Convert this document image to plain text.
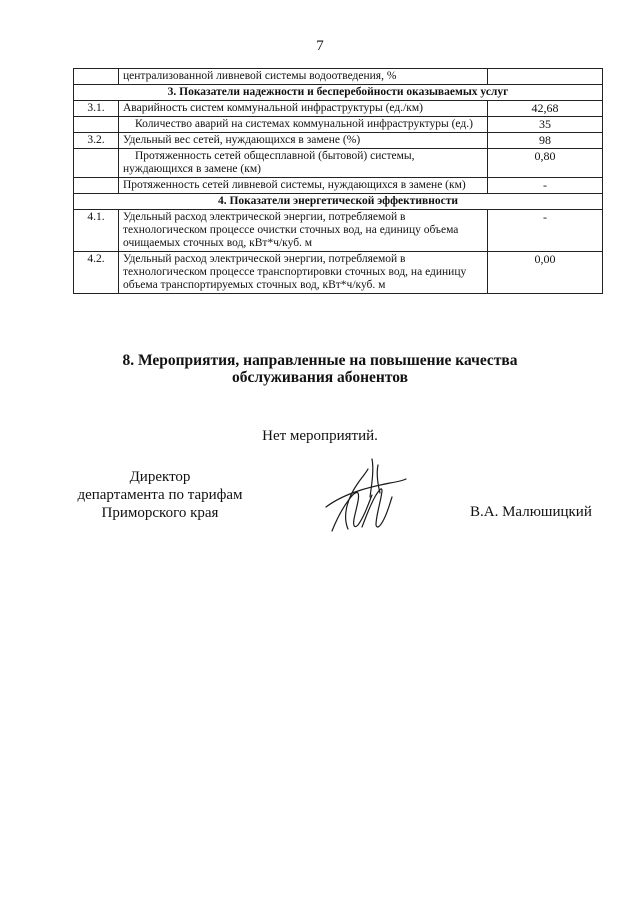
7
	централизованной ливневой системы водоотведения, %	
3. Показатели надежности и бесперебойности оказываемых услуг		
3.1.	Аварийность систем коммунальной инфраструктуры (ед./км)	42,68
	Количество аварий на системах коммунальной инфраструктуры (ед.)	35
3.2.	Удельный вес сетей, нуждающихся в замене (%)	98
	Протяженность сетей общесплавной (бытовой) системы, нуждающихся в замене (км)	0,80
	Протяженность сетей ливневой системы, нуждающихся в замене (км)	-
4. Показатели энергетической эффективности		
4.1.	Удельный расход электрической энергии, потребляемой в технологическом процессе очистки сточных вод, на единицу объема очищаемых сточных вод, кВт*ч/куб. м	-
4.2.	Удельный расход электрической энергии, потребляемой в технологическом процессе транспортировки сточных вод, на единицу объема транспортируемых сточных вод, кВт*ч/куб. м	0,00
8. Мероприятия, направленные на повышение качества
обслуживания абонентов
Нет мероприятий.
Директор
департамента по тарифам
Приморского края	В.А. Малюшицкий
